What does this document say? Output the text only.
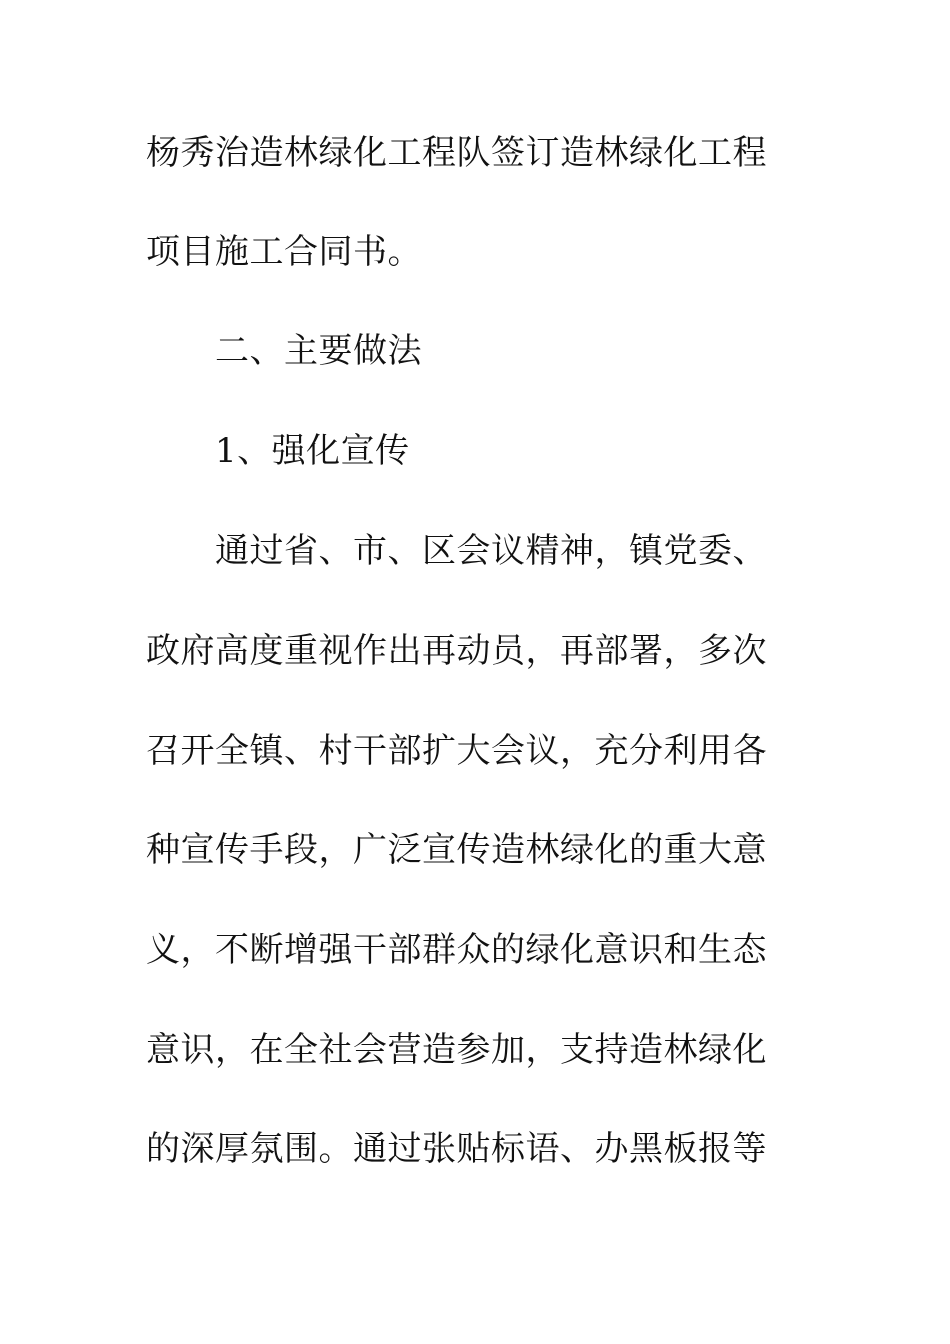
杨秀治造林绿化工程队签订造林绿化工程
项目施工合同书。
二、主要做法
1、强化宣传
通过省、市、区会议精神，镇党委、
政府高度重视作出再动员，再部署，多次
召开全镇、村干部扩大会议，充分利用各
种宣传手段，广泛宣传造林绿化的重大意
义，不断增强干部群众的绿化意识和生态
意识，在全社会营造参加，支持造林绿化
的深厚氛围。通过张贴标语、办黑板报等
